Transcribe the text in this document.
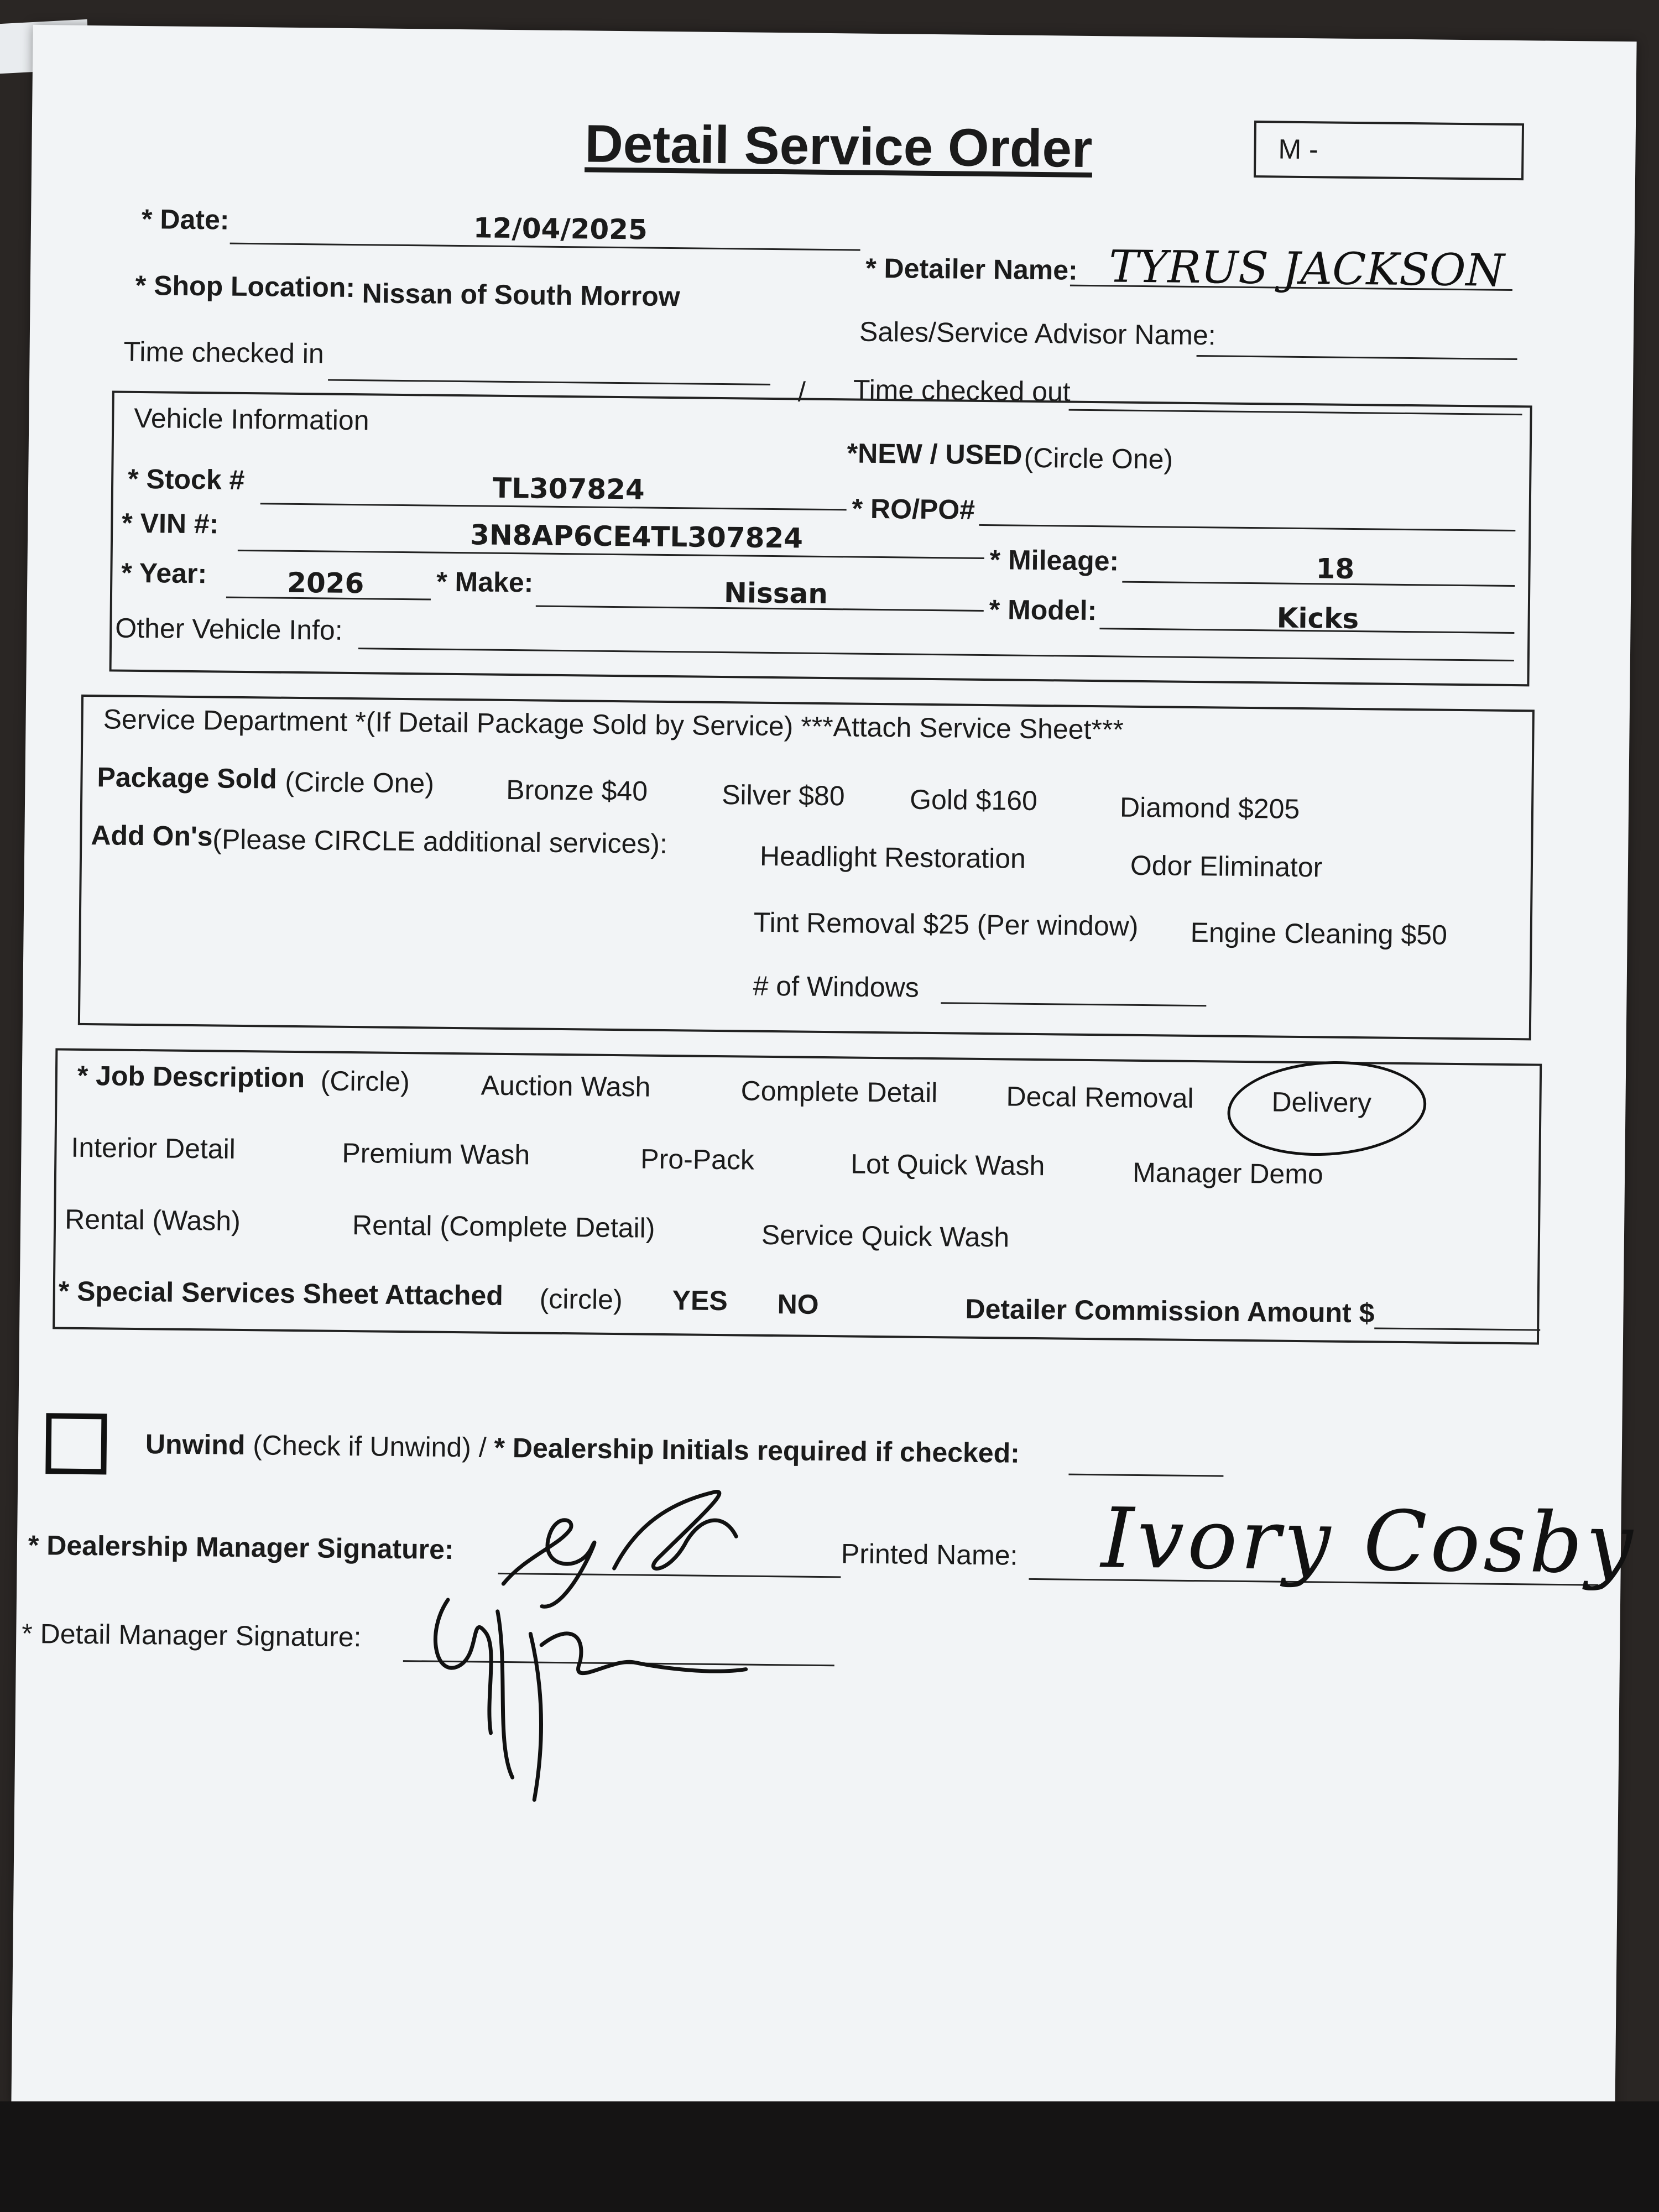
Detail Service Order	M -
* Date:	12/04/2025
* Detailer Name: TYRUS JACKSON
* Shop Location: Nissan of South Morrow
Sales/Service Advisor Name:
Time checked in
/ Time checked out
Vehicle Information
*NEW / USED (Circle One)
* Stock #	TL307824
* RO/PO#
* VIN #:	3N8AP6CE4TL307824
* Mileage:	18
* Year:	2026	* Make:	Nissan
* Model:	Kicks
Other Vehicle Info:
Service Department *(If Detail Package Sold by Service) ***Attach Service Sheet***
Package Sold (Circle One)	Bronze $40	Silver $80 Gold $160	Diamond $205
Add On's (Please CIRCLE additional services):	Headlight Restoration	Odor Eliminator
Tint Removal $25 (Per window) Engine Cleaning $50
# of Windows
* Job Description (Circle)	Auction Wash	Complete Detail Decal Removal	Delivery
Interior Detail	Premium Wash	Pro-Pack	Lot Quick Wash	Manager Demo
Rental (Wash)	Rental (Complete Detail)	Service Quick Wash
* Special Services Sheet Attached (circle) YES NO	Detailer Commission Amount $
Unwind (Check if Unwind) / * Dealership Initials required if checked:
* Dealership Manager Signature:	Printed Name: Ivory Cosby
* Detail Manager Signature:
